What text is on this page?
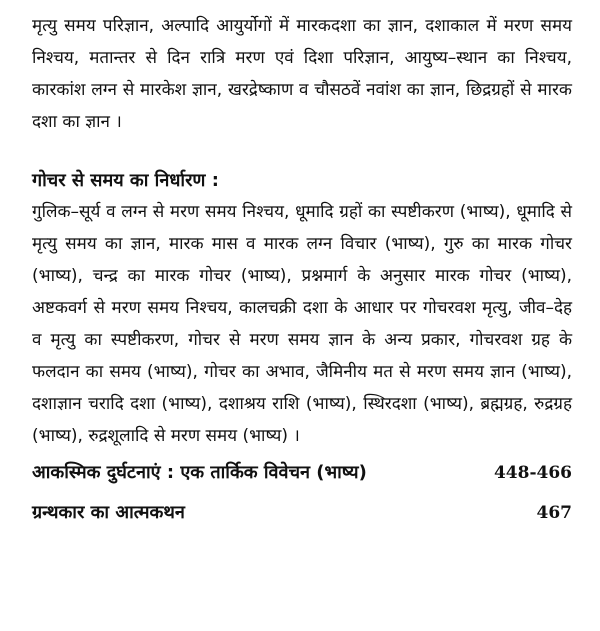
मृत्यु समय परिज्ञान, अल्पादि आयुर्योगों में मारकदशा का ज्ञान, दशाकाल में मरण समय निश्चय, मतान्तर से दिन रात्रि मरण एवं दिशा परिज्ञान, आयुष्य–स्थान का निश्चय, कारकांश लग्न से मारकेश ज्ञान, खरद्रेष्काण व चौसठवें नवांश का ज्ञान, छिद्रग्रहों से मारक दशा का ज्ञान ।

गोचर से समय का निर्धारण :

गुलिक–सूर्य व लग्न से मरण समय निश्चय, धूमादि ग्रहों का स्पष्टीकरण (भाष्य), धूमादि से मृत्यु समय का ज्ञान, मारक मास व मारक लग्न विचार (भाष्य), गुरु का मारक गोचर (भाष्य), चन्द्र का मारक गोचर (भाष्य), प्रश्नमार्ग के अनुसार मारक गोचर (भाष्य), अष्टकवर्ग से मरण समय निश्चय, कालचक्री दशा के आधार पर गोचरवश मृत्यु, जीव–देह व मृत्यु का स्पष्टीकरण, गोचर से मरण समय ज्ञान के अन्य प्रकार, गोचरवश ग्रह के फलदान का समय (भाष्य), गोचर का अभाव, जैमिनीय मत से मरण समय ज्ञान (भाष्य), दशाज्ञान चरादि दशा (भाष्य), दशाश्रय राशि (भाष्य), स्थिरदशा (भाष्य), ब्रह्मग्रह, रुद्रग्रह (भाष्य), रुद्रशूलादि से मरण समय (भाष्य) ।

आकस्मिक दुर्घटनाएं : एक तार्किक विवेचन (भाष्य)	448-466
ग्रन्थकार का आत्मकथन	467
